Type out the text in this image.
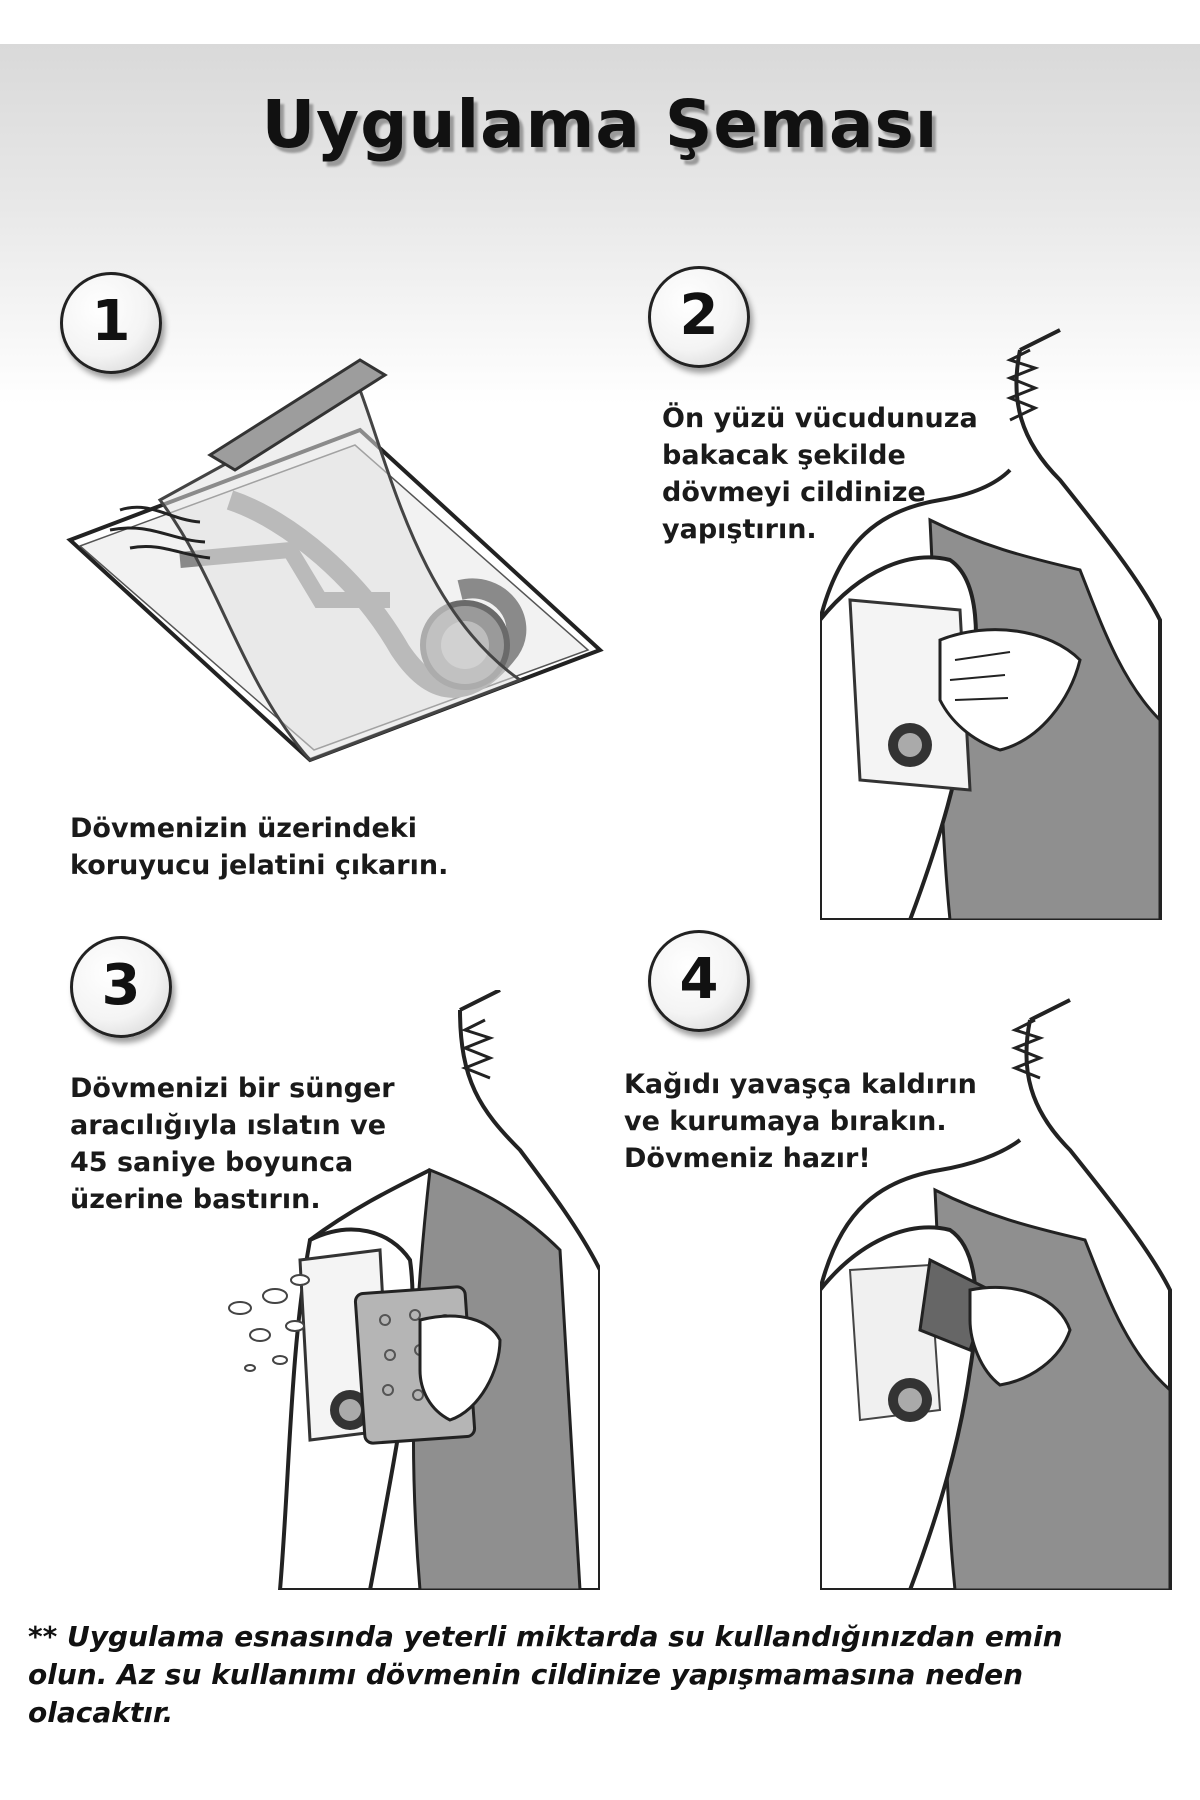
Uygulama Şeması
1	2
3	4
Dövmenizin üzerindeki
koruyucu jelatini çıkarın.
Ön yüzü vücudunuza
bakacak şekilde
dövmeyi cildinize
yapıştırın.
Dövmenizi bir sünger
aracılığıyla ıslatın ve
45 saniye boyunca
üzerine bastırın.
Kağıdı yavaşça kaldırın
ve kurumaya bırakın.
Dövmeniz hazır!
** Uygulama esnasında yeterli miktarda su kullandığınızdan emin
olun. Az su kullanımı dövmenin cildinize yapışmamasına neden
olacaktır.
